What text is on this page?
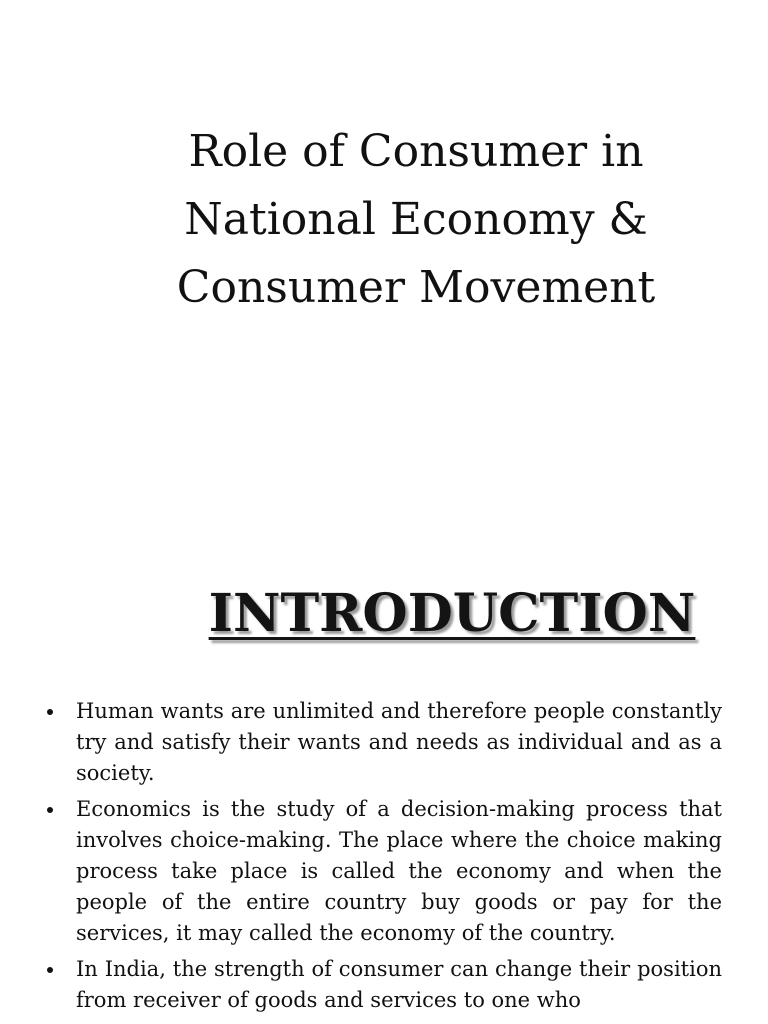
Role of Consumer in
National Economy &
Consumer Movement
INTRODUCTION
Human wants are unlimited and therefore people constantly try and satisfy their wants and needs as individual and as a society.
Economics is the study of a decision-making process that involves choice-making. The place where the choice making process take place is called the economy and when the people of the entire country buy goods or pay for the services, it may called the economy of the country.
In India, the strength of consumer can change their position from receiver of goods and services to one who
